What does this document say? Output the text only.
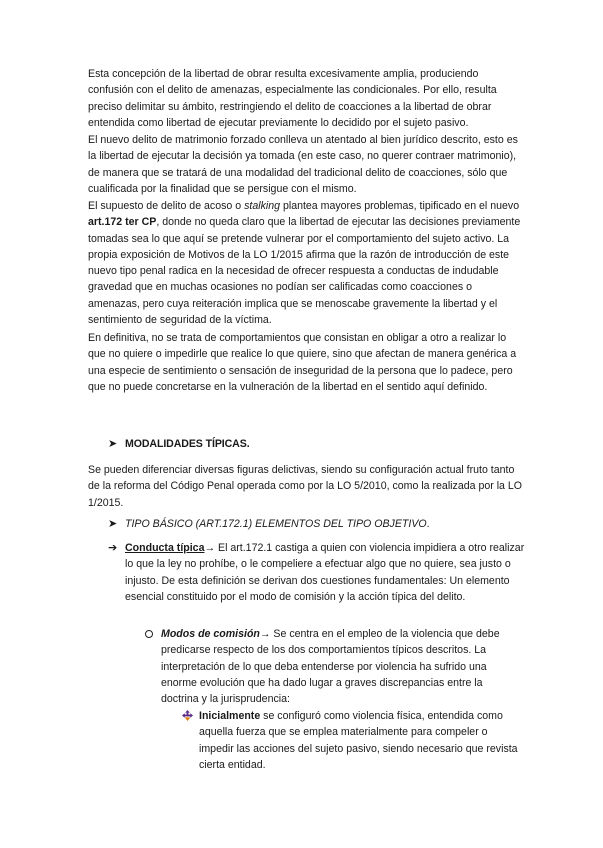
Esta concepción de la libertad de obrar resulta excesivamente amplia, produciendo confusión con el delito de amenazas, especialmente las condicionales. Por ello, resulta preciso delimitar su ámbito, restringiendo el delito de coacciones a la libertad de obrar entendida como libertad de ejecutar previamente lo decidido por el sujeto pasivo.

El nuevo delito de matrimonio forzado conlleva un atentado al bien jurídico descrito, esto es la libertad de ejecutar la decisión ya tomada (en este caso, no querer contraer matrimonio), de manera que se tratará de una modalidad del tradicional delito de coacciones, sólo que cualificada por la finalidad que se persigue con el mismo.

El supuesto de delito de acoso o stalking plantea mayores problemas, tipificado en el nuevo art.172 ter CP, donde no queda claro que la libertad de ejecutar las decisiones previamente tomadas sea lo que aquí se pretende vulnerar por el comportamiento del sujeto activo. La propia exposición de Motivos de la LO 1/2015 afirma que la razón de introducción de este nuevo tipo penal radica en la necesidad de ofrecer respuesta a conductas de indudable gravedad que en muchas ocasiones no podían ser calificadas como coacciones o amenazas, pero cuya reiteración implica que se menoscabe gravemente la libertad y el sentimiento de seguridad de la víctima.

En definitiva, no se trata de comportamientos que consistan en obligar a otro a realizar lo que no quiere o impedirle que realice lo que quiere, sino que afectan de manera genérica a una especie de sentimiento o sensación de inseguridad de la persona que lo padece, pero que no puede concretarse en la vulneración de la libertad en el sentido aquí definido.

➤ MODALIDADES TÍPICAS.

Se pueden diferenciar diversas figuras delictivas, siendo su configuración actual fruto tanto de la reforma del Código Penal operada como por la LO 5/2010, como la realizada por la LO 1/2015.

➤ TIPO BÁSICO (ART.172.1) ELEMENTOS DEL TIPO OBJETIVO.
➔ Conducta típica→ El art.172.1 castiga a quien con violencia impidiera a otro realizar lo que la ley no prohíbe, o le compeliere a efectuar algo que no quiere, sea justo o injusto. De esta definición se derivan dos cuestiones fundamentales: Un elemento esencial constituido por el modo de comisión y la acción típica del delito.

Modos de comisión→ Se centra en el empleo de la violencia que debe predicarse respecto de los dos comportamientos típicos descritos. La interpretación de lo que deba entenderse por violencia ha sufrido una enorme evolución que ha dado lugar a graves discrepancias entre la doctrina y la jurisprudencia:

Inicialmente se configuró como violencia física, entendida como aquella fuerza que se emplea materialmente para compeler o impedir las acciones del sujeto pasivo, siendo necesario que revista cierta entidad.
